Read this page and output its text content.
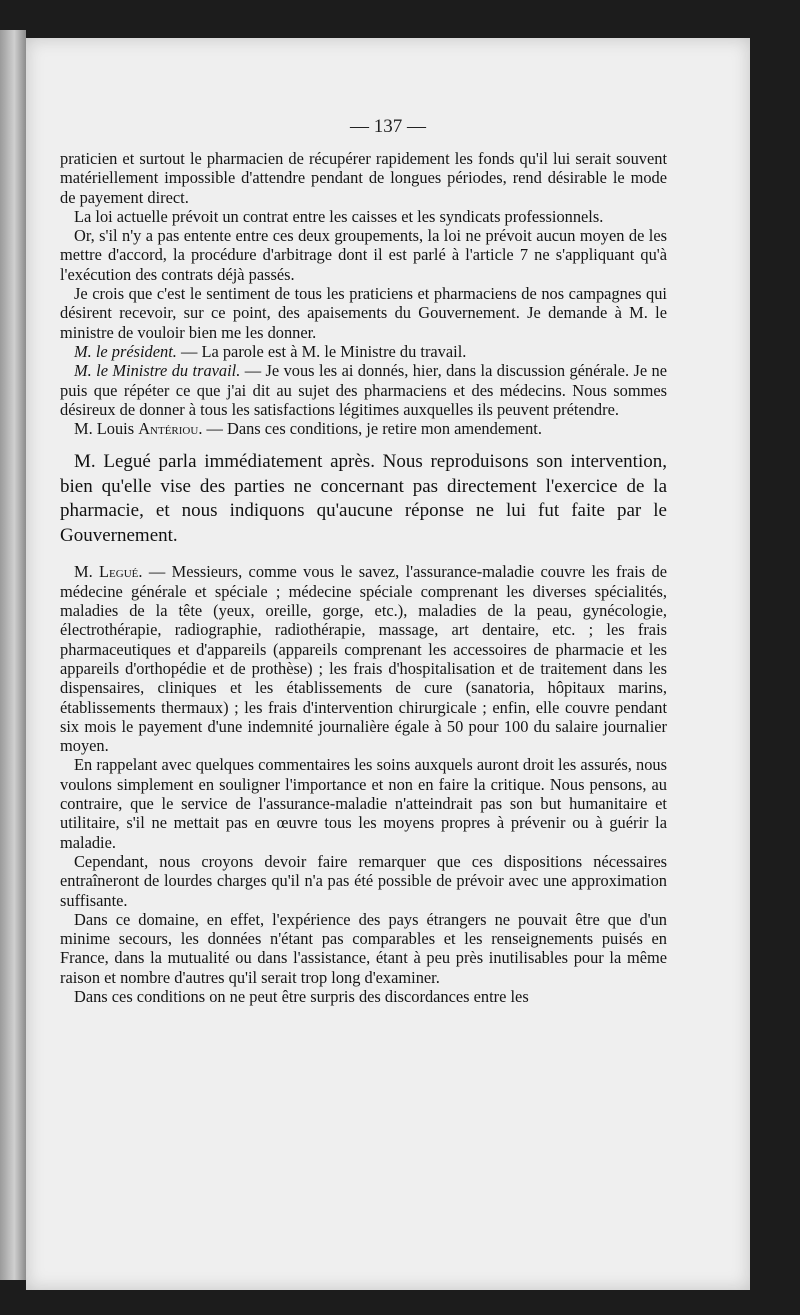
— 137 —

praticien et surtout le pharmacien de récupérer rapidement les fonds qu'il lui serait souvent matériellement impossible d'attendre pendant de longues périodes, rend désirable le mode de payement direct.

La loi actuelle prévoit un contrat entre les caisses et les syndicats professionnels.

Or, s'il n'y a pas entente entre ces deux groupements, la loi ne prévoit aucun moyen de les mettre d'accord, la procédure d'arbitrage dont il est parlé à l'article 7 ne s'appliquant qu'à l'exécution des contrats déjà passés.

Je crois que c'est le sentiment de tous les praticiens et pharmaciens de nos campagnes qui désirent recevoir, sur ce point, des apaisements du Gouvernement. Je demande à M. le ministre de vouloir bien me les donner.

M. le président. — La parole est à M. le Ministre du travail.

M. le Ministre du travail. — Je vous les ai donnés, hier, dans la discussion générale. Je ne puis que répéter ce que j'ai dit au sujet des pharmaciens et des médecins. Nous sommes désireux de donner à tous les satisfactions légitimes auxquelles ils peuvent prétendre.

M. Louis Antériou. — Dans ces conditions, je retire mon amendement.

M. Legué parla immédiatement après. Nous reproduisons son intervention, bien qu'elle vise des parties ne concernant pas directement l'exercice de la pharmacie, et nous indiquons qu'aucune réponse ne lui fut faite par le Gouvernement.

M. Legué. — Messieurs, comme vous le savez, l'assurance-maladie couvre les frais de médecine générale et spéciale ; médecine spéciale comprenant les diverses spécialités, maladies de la tête (yeux, oreille, gorge, etc.), maladies de la peau, gynécologie, électrothérapie, radiographie, radiothérapie, massage, art dentaire, etc. ; les frais pharmaceutiques et d'appareils (appareils comprenant les accessoires de pharmacie et les appareils d'orthopédie et de prothèse) ; les frais d'hospitalisation et de traitement dans les dispensaires, cliniques et les établissements de cure (sanatoria, hôpitaux marins, établissements thermaux) ; les frais d'intervention chirurgicale ; enfin, elle couvre pendant six mois le payement d'une indemnité journalière égale à 50 pour 100 du salaire journalier moyen.

En rappelant avec quelques commentaires les soins auxquels auront droit les assurés, nous voulons simplement en souligner l'importance et non en faire la critique. Nous pensons, au contraire, que le service de l'assurance-maladie n'atteindrait pas son but humanitaire et utilitaire, s'il ne mettait pas en œuvre tous les moyens propres à prévenir ou à guérir la maladie.

Cependant, nous croyons devoir faire remarquer que ces dispositions nécessaires entraîneront de lourdes charges qu'il n'a pas été possible de prévoir avec une approximation suffisante.

Dans ce domaine, en effet, l'expérience des pays étrangers ne pouvait être que d'un minime secours, les données n'étant pas comparables et les renseignements puisés en France, dans la mutualité ou dans l'assistance, étant à peu près inutilisables pour la même raison et nombre d'autres qu'il serait trop long d'examiner.

Dans ces conditions on ne peut être surpris des discordances entre les
